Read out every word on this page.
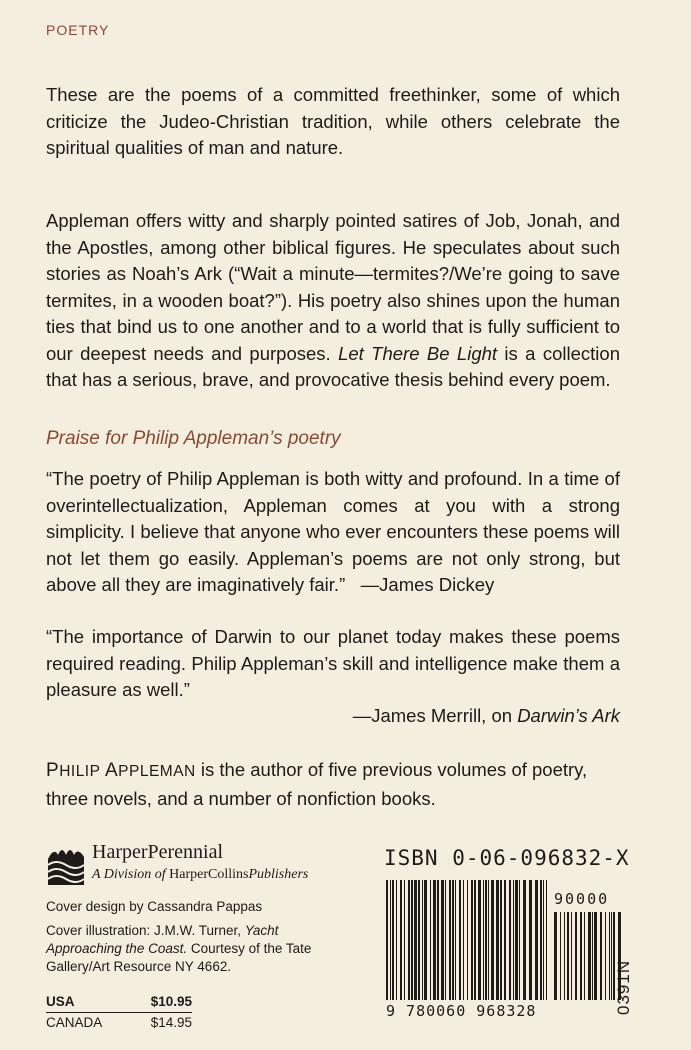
POETRY

These are the poems of a committed freethinker, some of which criticize the Judeo-Christian tradition, while others celebrate the spiritual qualities of man and nature.

Appleman offers witty and sharply pointed satires of Job, Jonah, and the Apostles, among other biblical figures. He speculates about such stories as Noah’s Ark (“Wait a minute—termites?/We’re going to save termites, in a wooden boat?”). His poetry also shines upon the human ties that bind us to one another and to a world that is fully sufficient to our deepest needs and purposes. Let There Be Light is a collection that has a serious, brave, and provocative thesis behind every poem.

Praise for Philip Appleman’s poetry

“The poetry of Philip Appleman is both witty and profound. In a time of overintellectualization, Appleman comes at you with a strong simplicity. I believe that anyone who ever encounters these poems will not let them go easily. Appleman’s poems are not only strong, but above all they are imaginatively fair.” —James Dickey

“The importance of Darwin to our planet today makes these poems required reading. Philip Appleman’s skill and intelligence make them a pleasure as well.”

—James Merrill, on Darwin’s Ark

PHILIP APPLEMAN is the author of five previous volumes of poetry, three novels, and a number of nonfiction books.

HarperPerennial
A Division of HarperCollinsPublishers

Cover design by Cassandra Pappas

Cover illustration: J.M.W. Turner, Yacht Approaching the Coast. Courtesy of the Tate Gallery/Art Resource NY 4662.

USA	$10.95
CANADA	$14.95
ISBN 0-06-096832-X
9 780060 968328
90000
0391N
